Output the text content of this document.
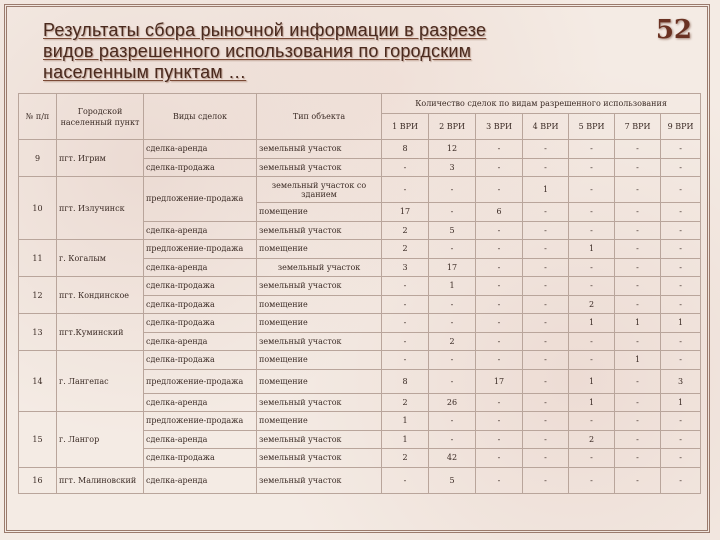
Результаты сбора рыночной информации в разрезе
видов разрешенного использования по городским
населенным пунктам …
52
№ п/п	Городской населенный пункт	Виды сделок	Тип объекта	Количество сделок по видам разрешенного использования						
				1 ВРИ	2 ВРИ	3 ВРИ	4 ВРИ	5 ВРИ	7 ВРИ	9 ВРИ
9	пгт. Игрим	сделка-аренда	земельный участок	8	12	-	-	-	-	-
		сделка-продажа	земельный участок	-	3	-	-	-	-	-
10	пгт. Излучинск	предложение-продажа	земельный участок со зданием	-	-	-	1	-	-	-
			помещение	17	-	6	-	-	-	-
		сделка-аренда	земельный участок	2	5	-	-	-	-	-
11	г. Когалым	предложение-продажа	помещение	2	-	-	-	1	-	-
		сделка-аренда	земельный участок	3	17	-	-	-	-	-
12	пгт. Кондинское	сделка-продажа	земельный участок	-	1	-	-	-	-	-
		сделка-продажа	помещение	-	-	-	-	2	-	-
13	пгт.Куминский	сделка-продажа	помещение	-	-	-	-	1	1	1
		сделка-аренда	земельный участок	-	2	-	-	-	-	-
14	г. Лангепас	сделка-продажа	помещение	-	-	-	-	-	1	-
		предложение-продажа	помещение	8	-	17	-	1	-	3
		сделка-аренда	земельный участок	2	26	-	-	1	-	1
15	г. Лангор	предложение-продажа	помещение	1	-	-	-	-	-	-
		сделка-аренда	земельный участок	1	-	-	-	2	-	-
		сделка-продажа	земельный участок	2	42	-	-	-	-	-
16	пгт. Малиновский	сделка-аренда	земельный участок	-	5	-	-	-	-	-
